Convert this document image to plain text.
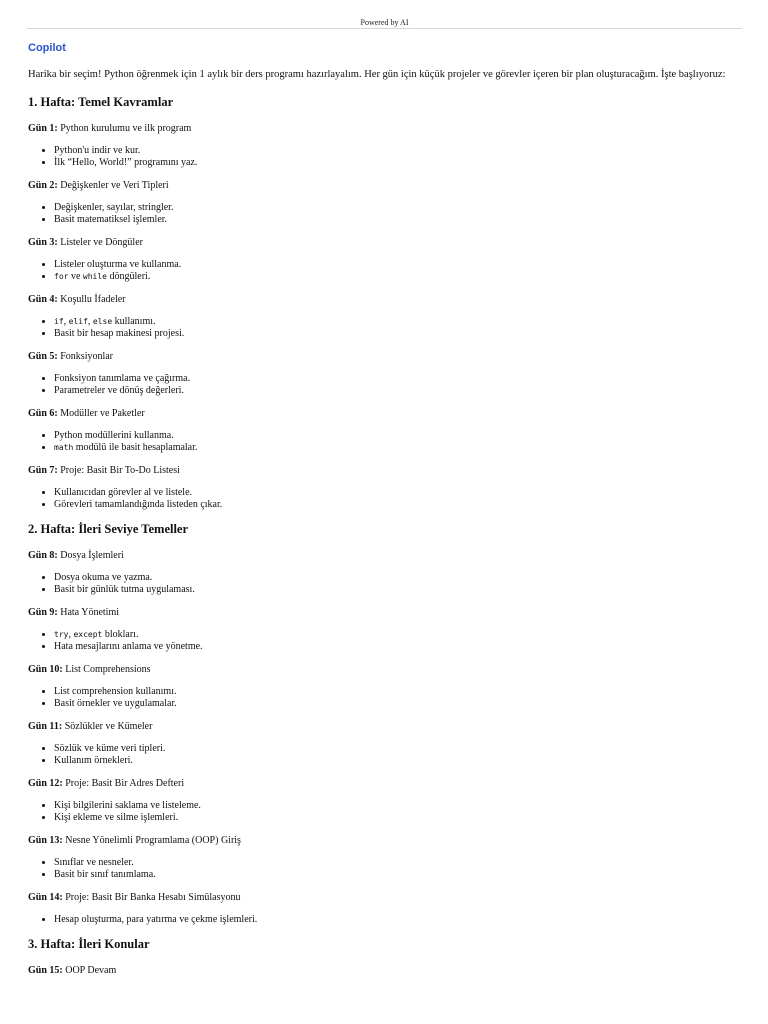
Powered by AI
Copilot

Harika bir seçim! Python öğrenmek için 1 aylık bir ders programı hazırlayalım. Her gün için küçük projeler ve görevler içeren bir plan oluşturacağım. İşte başlıyoruz:

1. Hafta: Temel Kavramlar

Gün 1: Python kurulumu ve ilk program

• Python'u indir ve kur.
• İlk “Hello, World!” programını yaz.

Gün 2: Değişkenler ve Veri Tipleri

• Değişkenler, sayılar, stringler.
• Basit matematiksel işlemler.

Gün 3: Listeler ve Döngüler

• Listeler oluşturma ve kullanma.
• for ve while döngüleri.

Gün 4: Koşullu İfadeler

• if, elif, else kullanımı.
• Basit bir hesap makinesi projesi.

Gün 5: Fonksiyonlar

• Fonksiyon tanımlama ve çağırma.
• Parametreler ve dönüş değerleri.

Gün 6: Modüller ve Paketler

• Python modüllerini kullanma.
• math modülü ile basit hesaplamalar.

Gün 7: Proje: Basit Bir To-Do Listesi

• Kullanıcıdan görevler al ve listele.
• Görevleri tamamlandığında listeden çıkar.
2. Hafta: İleri Seviye Temeller

Gün 8: Dosya İşlemleri

• Dosya okuma ve yazma.
• Basit bir günlük tutma uygulaması.

Gün 9: Hata Yönetimi

• try, except blokları.
• Hata mesajlarını anlama ve yönetme.

Gün 10: List Comprehensions

• List comprehension kullanımı.
• Basit örnekler ve uygulamalar.

Gün 11: Sözlükler ve Kümeler

• Sözlük ve küme veri tipleri.
• Kullanım örnekleri.

Gün 12: Proje: Basit Bir Adres Defteri

• Kişi bilgilerini saklama ve listeleme.
• Kişi ekleme ve silme işlemleri.

Gün 13: Nesne Yönelimli Programlama (OOP) Giriş

• Sınıflar ve nesneler.
• Basit bir sınıf tanımlama.

Gün 14: Proje: Basit Bir Banka Hesabı Simülasyonu

• Hesap oluşturma, para yatırma ve çekme işlemleri.
3. Hafta: İleri Konular

Gün 15: OOP Devam
